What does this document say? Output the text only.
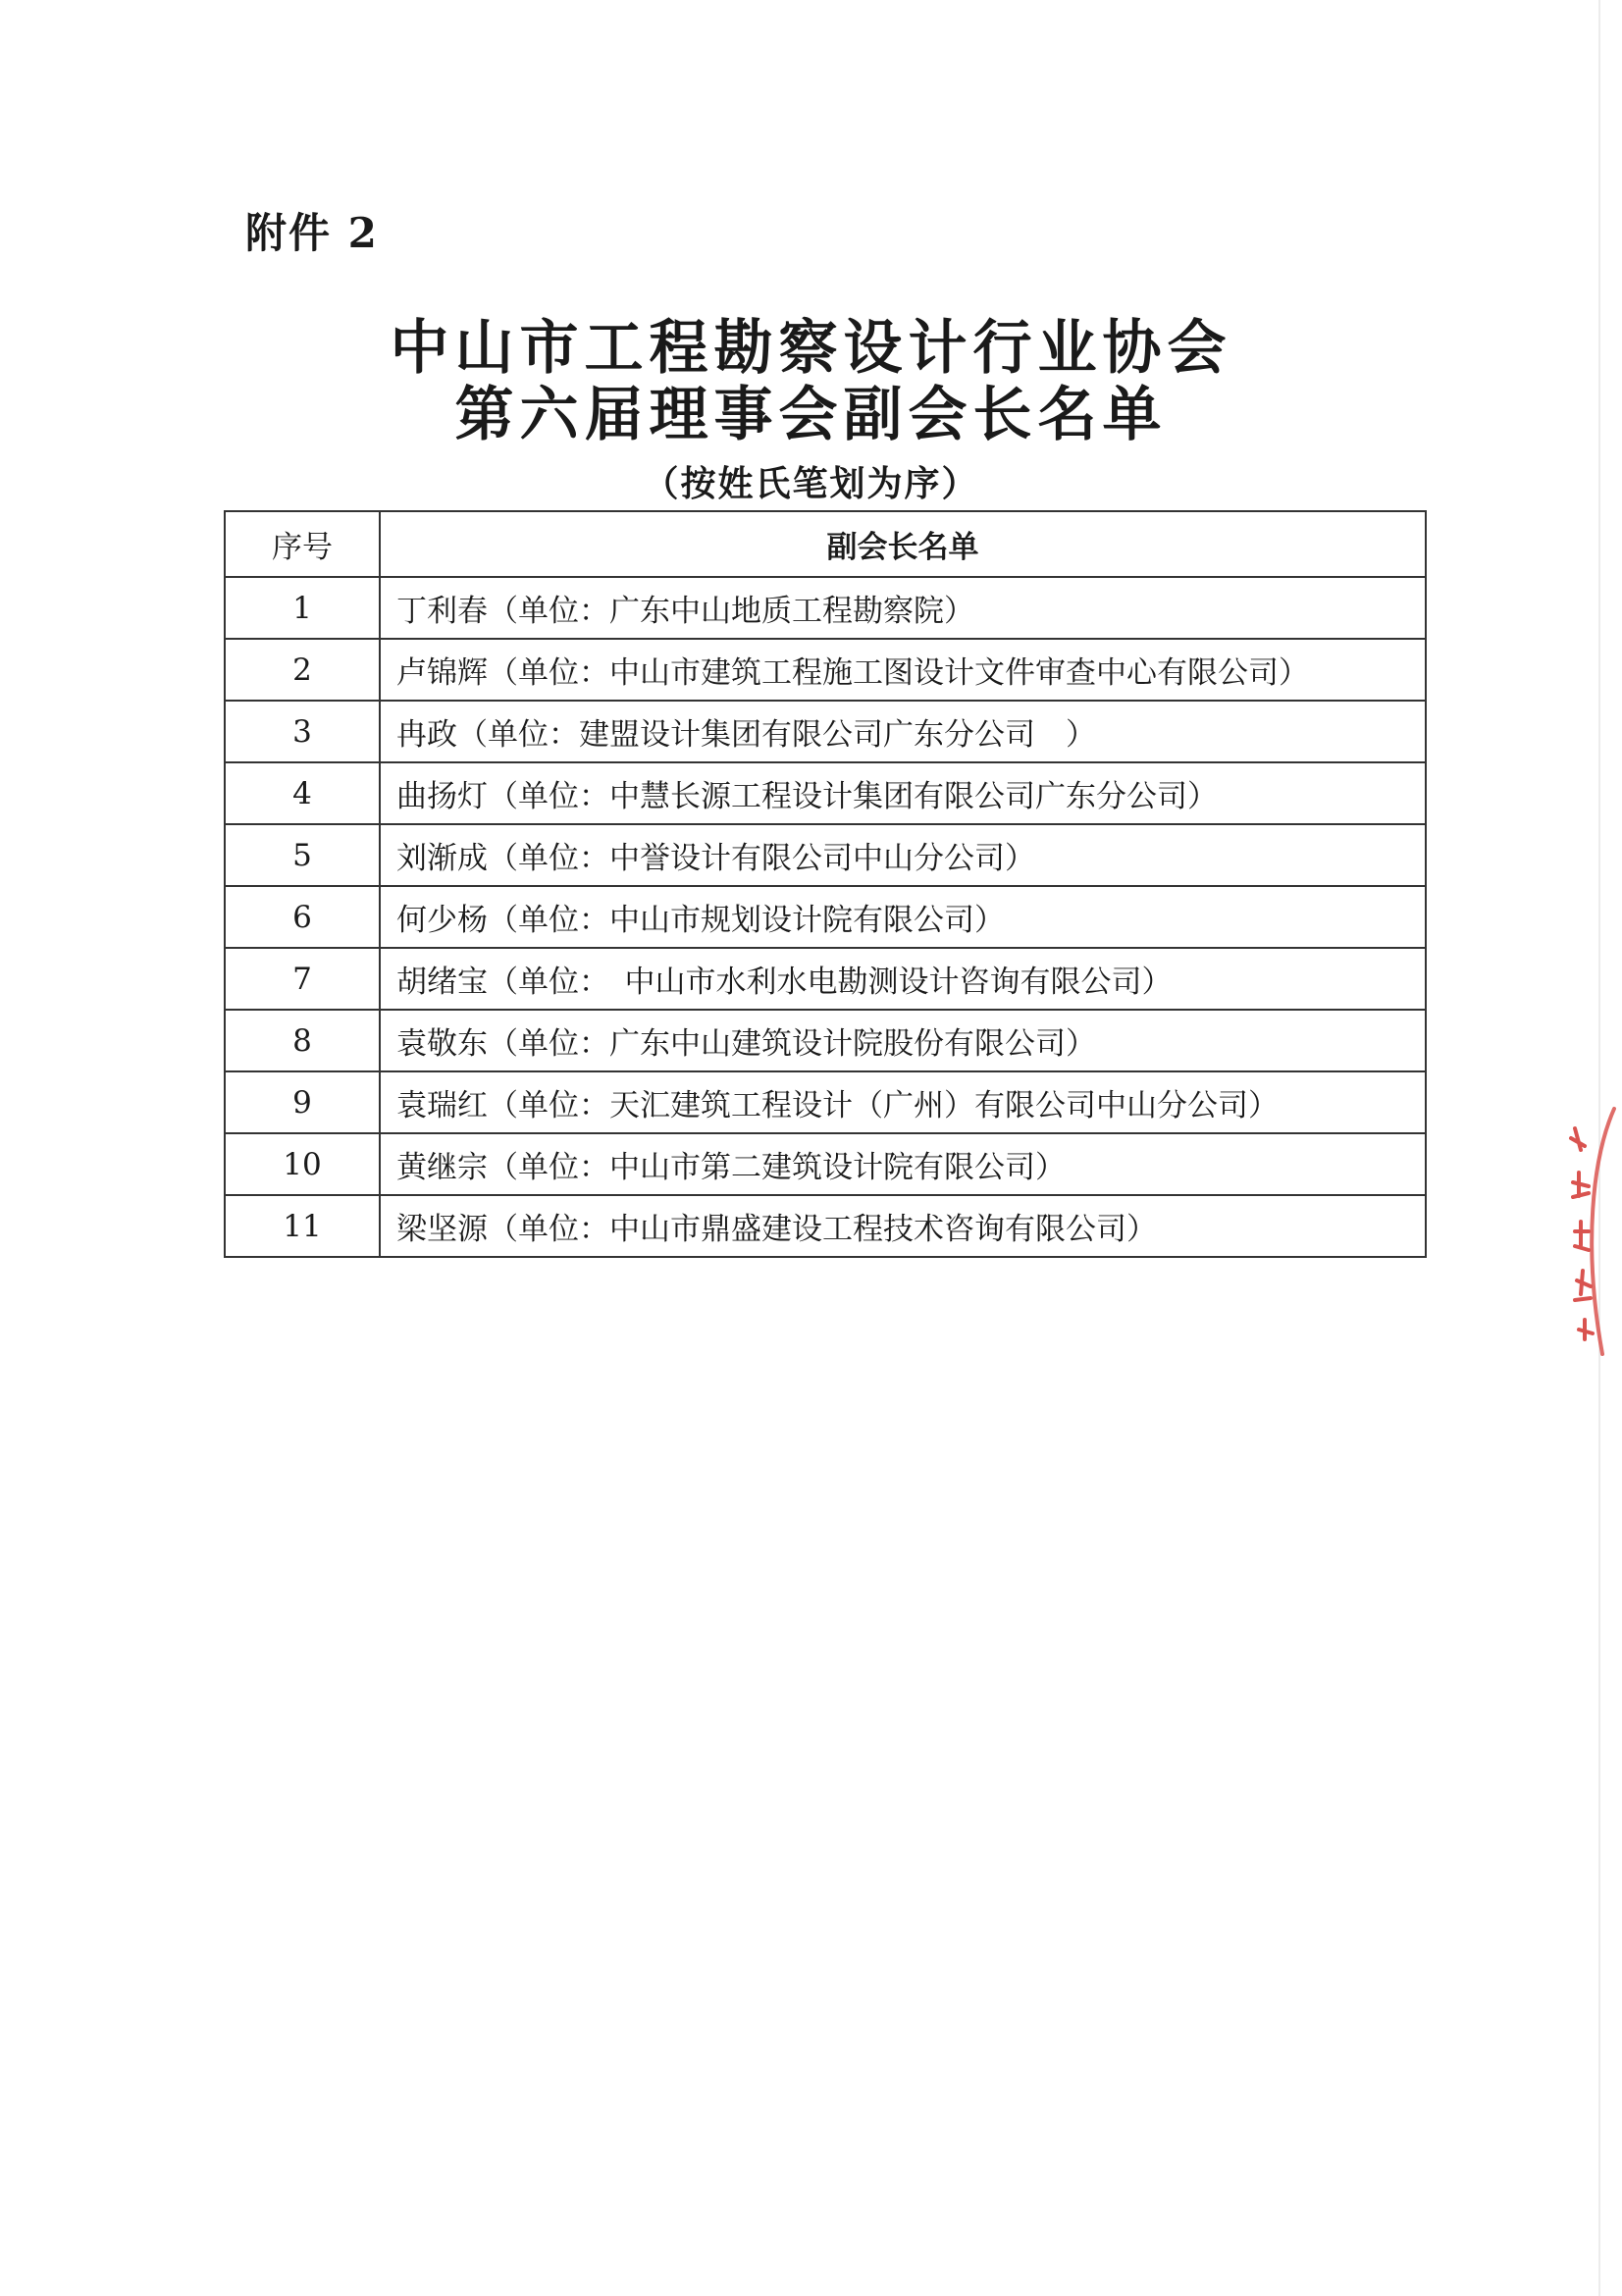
附件 2
中山市工程勘察设计行业协会
第六届理事会副会长名单
（按姓氏笔划为序）
序号	副会长名单
1	丁利春（单位：广东中山地质工程勘察院）
2	卢锦辉（单位：中山市建筑工程施工图设计文件审查中心有限公司）
3	冉政（单位：建盟设计集团有限公司广东分公司　）
4	曲扬灯（单位：中慧长源工程设计集团有限公司广东分公司）
5	刘渐成（单位：中誉设计有限公司中山分公司）
6	何少杨（单位：中山市规划设计院有限公司）
7	胡绪宝（单位：　中山市水利水电勘测设计咨询有限公司）
8	袁敬东（单位：广东中山建筑设计院股份有限公司）
9	袁瑞红（单位：天汇建筑工程设计（广州）有限公司中山分公司）
10	黄继宗（单位：中山市第二建筑设计院有限公司）
11	梁坚源（单位：中山市鼎盛建设工程技术咨询有限公司）
